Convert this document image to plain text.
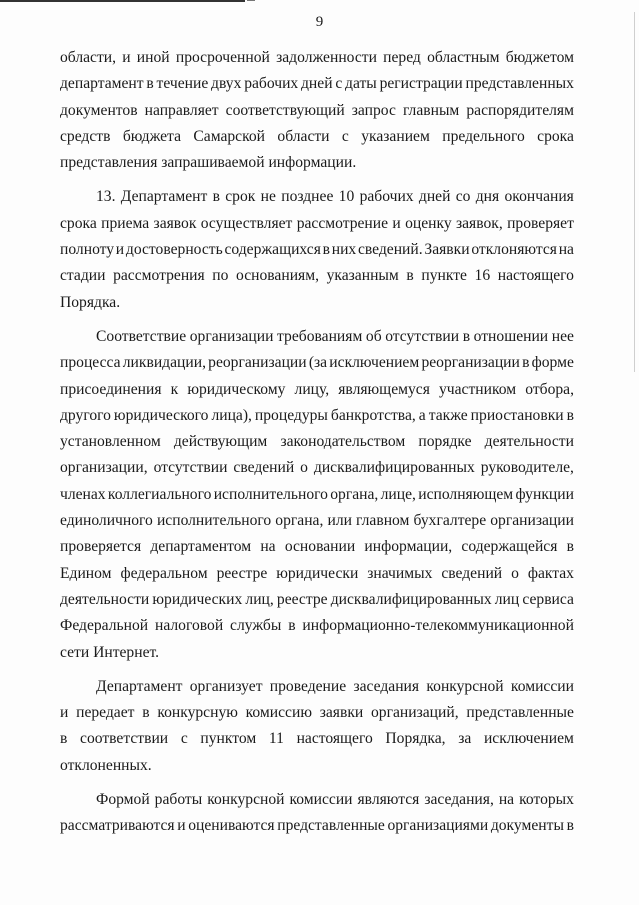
9
области, и иной просроченной задолженности перед областным бюджетом
департамент в течение двух рабочих дней с даты регистрации представленных
документов направляет соответствующий запрос главным распорядителям
средств бюджета Самарской области с указанием предельного срока
представления запрашиваемой информации.
13. Департамент в срок не позднее 10 рабочих дней со дня окончания
срока приема заявок осуществляет рассмотрение и оценку заявок, проверяет
полноту и достоверность содержащихся в них сведений. Заявки отклоняются на
стадии рассмотрения по основаниям, указанным в пункте 16 настоящего
Порядка.
Соответствие организации требованиям об отсутствии в отношении нее
процесса ликвидации, реорганизации (за исключением реорганизации в форме
присоединения к юридическому лицу, являющемуся участником отбора,
другого юридического лица), процедуры банкротства, а также приостановки в
установленном действующим законодательством порядке деятельности
организации, отсутствии сведений о дисквалифицированных руководителе,
членах коллегиального исполнительного органа, лице, исполняющем функции
единоличного исполнительного органа, или главном бухгалтере организации
проверяется департаментом на основании информации, содержащейся в
Едином федеральном реестре юридически значимых сведений о фактах
деятельности юридических лиц, реестре дисквалифицированных лиц сервиса
Федеральной налоговой службы в информационно-телекоммуникационной
сети Интернет.
Департамент организует проведение заседания конкурсной комиссии
и передает в конкурсную комиссию заявки организаций, представленные
в соответствии с пунктом 11 настоящего Порядка, за исключением
отклоненных.
Формой работы конкурсной комиссии являются заседания, на которых
рассматриваются и оцениваются представленные организациями документы в
